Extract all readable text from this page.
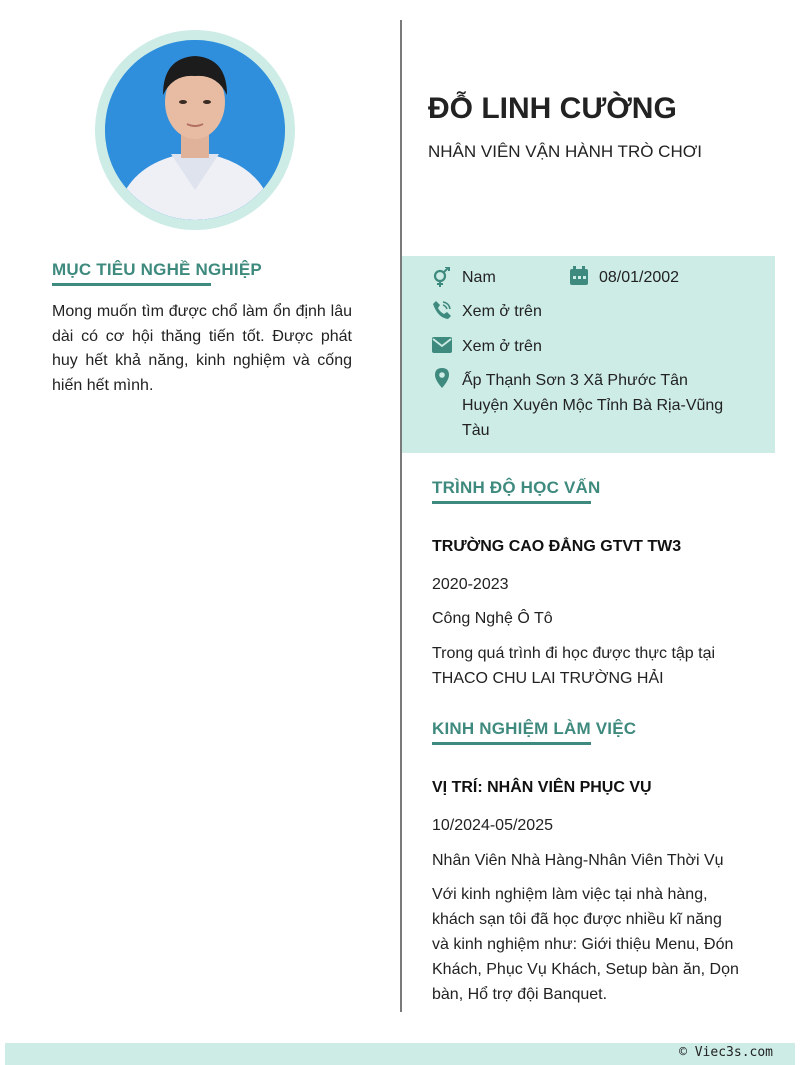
MỤC TIÊU NGHỀ NGHIỆP
Mong muốn tìm được chổ làm ổn định lâu dài có cơ hội thăng tiến tốt. Được phát huy hết khả năng, kinh nghiệm và cống hiến hết mình.
ĐỖ LINH CƯỜNG
NHÂN VIÊN VẬN HÀNH TRÒ CHƠI
Nam	08/01/2002
Xem ở trên
Xem ở trên
Ấp Thạnh Sơn 3 Xã Phước Tân
Huyện Xuyên Mộc Tỉnh Bà Rịa-Vũng
Tàu
TRÌNH ĐỘ HỌC VẤN
TRƯỜNG CAO ĐẲNG GTVT TW3
2020-2023
Công Nghệ Ô Tô
Trong quá trình đi học được thực tập tại
THACO CHU LAI TRƯỜNG HẢI
KINH NGHIỆM LÀM VIỆC
VỊ TRÍ: NHÂN VIÊN PHỤC VỤ
10/2024-05/2025
Nhân Viên Nhà Hàng-Nhân Viên Thời Vụ
Với kinh nghiệm làm việc tại nhà hàng,
khách sạn tôi đã học được nhiều kĩ năng
và kinh nghiệm như: Giới thiệu Menu, Đón
Khách, Phục Vụ Khách, Setup bàn ăn, Dọn
bàn, Hổ trợ đội Banquet.
© Viec3s.com
